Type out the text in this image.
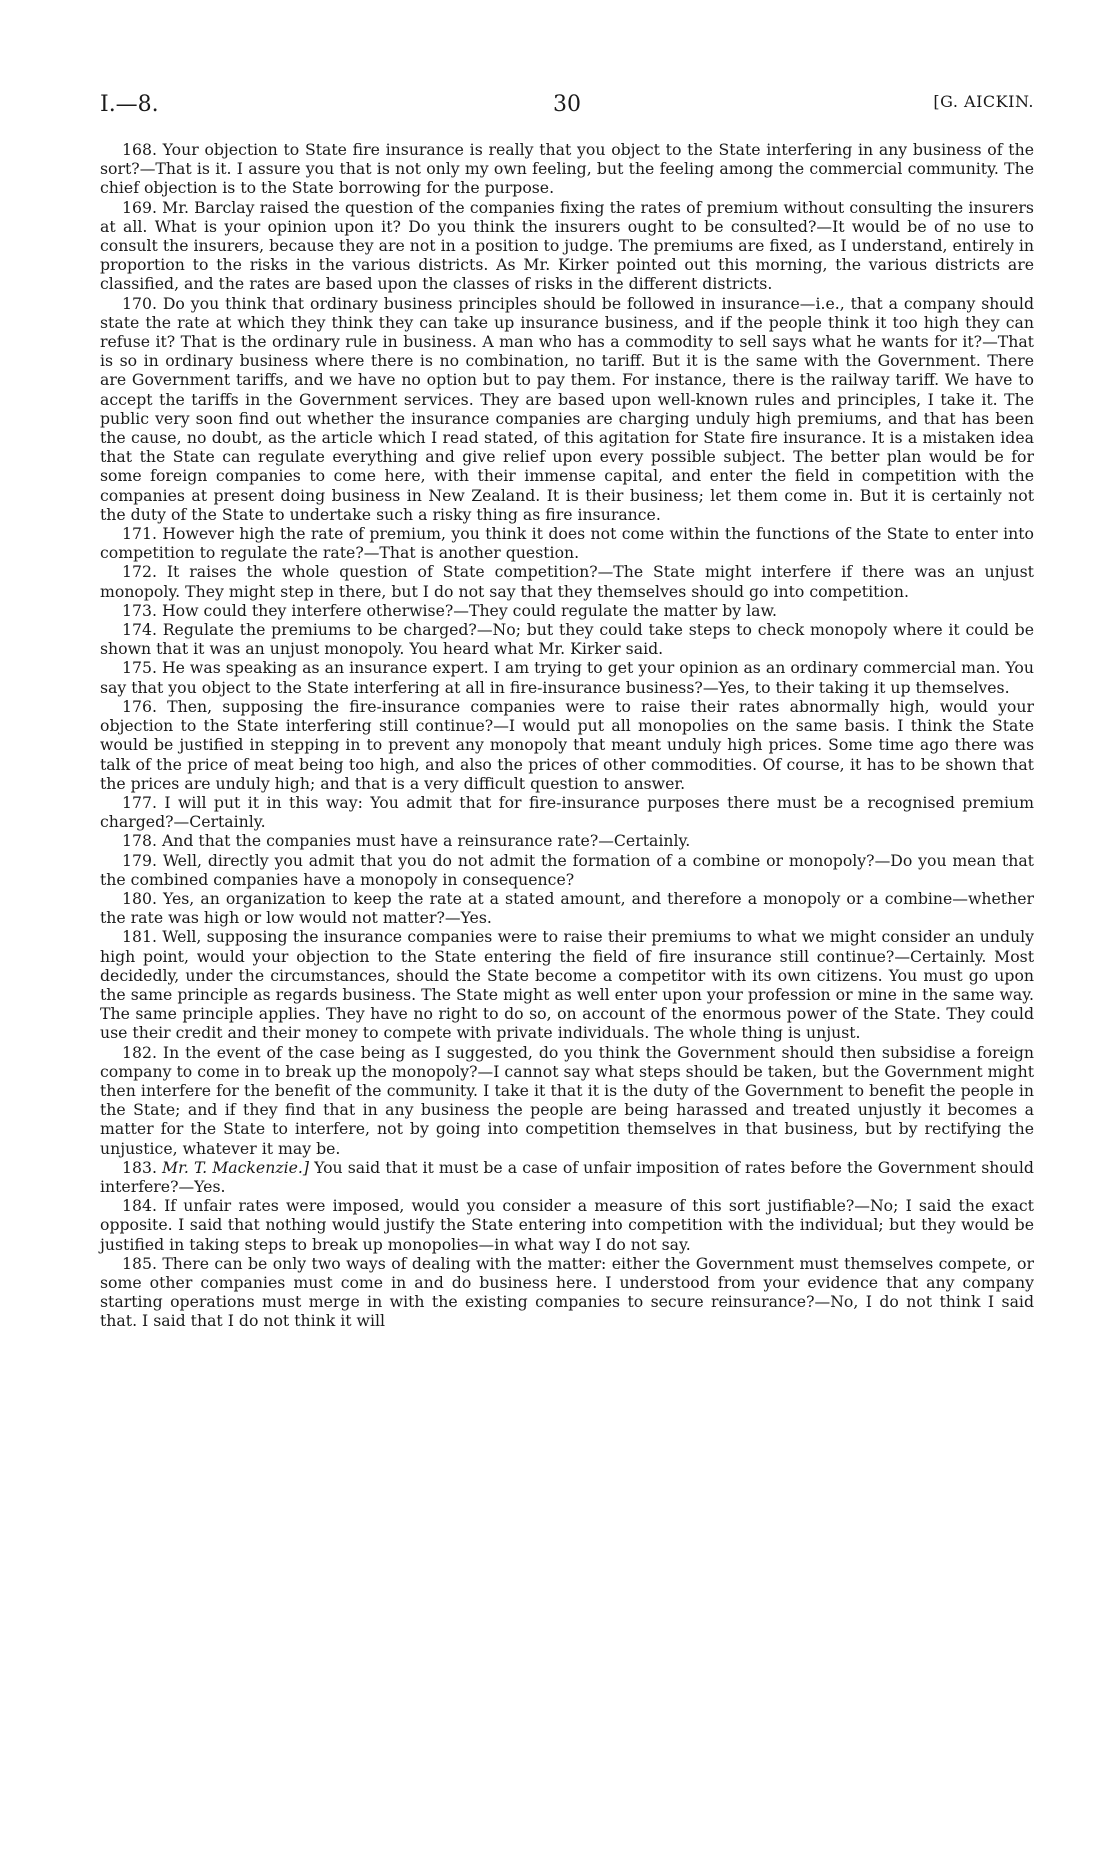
I.—8.	30	[G. AICKIN.

168. Your objection to State fire insurance is really that you object to the State interfering in any business of the sort?—That is it. I assure you that is not only my own feeling, but the feeling among the commercial community. The chief objection is to the State borrowing for the purpose.

169. Mr. Barclay raised the question of the companies fixing the rates of premium without consulting the insurers at all. What is your opinion upon it? Do you think the insurers ought to be consulted?—It would be of no use to consult the insurers, because they are not in a position to judge. The premiums are fixed, as I understand, entirely in proportion to the risks in the various districts. As Mr. Kirker pointed out this morning, the various districts are classified, and the rates are based upon the classes of risks in the different districts.

170. Do you think that ordinary business principles should be followed in insurance—i.e., that a company should state the rate at which they think they can take up insurance business, and if the people think it too high they can refuse it? That is the ordinary rule in business. A man who has a commodity to sell says what he wants for it?—That is so in ordinary business where there is no combination, no tariff. But it is the same with the Government. There are Government tariffs, and we have no option but to pay them. For instance, there is the railway tariff. We have to accept the tariffs in the Government services. They are based upon well-known rules and principles, I take it. The public very soon find out whether the insurance companies are charging unduly high premiums, and that has been the cause, no doubt, as the article which I read stated, of this agitation for State fire insurance. It is a mistaken idea that the State can regulate everything and give relief upon every possible subject. The better plan would be for some foreign companies to come here, with their immense capital, and enter the field in competition with the companies at present doing business in New Zealand. It is their business; let them come in. But it is certainly not the duty of the State to undertake such a risky thing as fire insurance.

171. However high the rate of premium, you think it does not come within the functions of the State to enter into competition to regulate the rate?—That is another question.

172. It raises the whole question of State competition?—The State might interfere if there was an unjust monopoly. They might step in there, but I do not say that they themselves should go into competition.

173. How could they interfere otherwise?—They could regulate the matter by law.

174. Regulate the premiums to be charged?—No; but they could take steps to check monopoly where it could be shown that it was an unjust monopoly. You heard what Mr. Kirker said.

175. He was speaking as an insurance expert. I am trying to get your opinion as an ordinary commercial man. You say that you object to the State interfering at all in fire-insurance business?—Yes, to their taking it up themselves.

176. Then, supposing the fire-insurance companies were to raise their rates abnormally high, would your objection to the State interfering still continue?—I would put all monopolies on the same basis. I think the State would be justified in stepping in to prevent any monopoly that meant unduly high prices. Some time ago there was talk of the price of meat being too high, and also the prices of other commodities. Of course, it has to be shown that the prices are unduly high; and that is a very difficult question to answer.

177. I will put it in this way: You admit that for fire-insurance purposes there must be a recognised premium charged?—Certainly.

178. And that the companies must have a reinsurance rate?—Certainly.

179. Well, directly you admit that you do not admit the formation of a combine or monopoly?—Do you mean that the combined companies have a monopoly in consequence?

180. Yes, an organization to keep the rate at a stated amount, and therefore a monopoly or a combine—whether the rate was high or low would not matter?—Yes.

181. Well, supposing the insurance companies were to raise their premiums to what we might consider an unduly high point, would your objection to the State entering the field of fire insurance still continue?—Certainly. Most decidedly, under the circumstances, should the State become a competitor with its own citizens. You must go upon the same principle as regards business. The State might as well enter upon your profession or mine in the same way. The same principle applies. They have no right to do so, on account of the enormous power of the State. They could use their credit and their money to compete with private individuals. The whole thing is unjust.

182. In the event of the case being as I suggested, do you think the Government should then subsidise a foreign company to come in to break up the monopoly?—I cannot say what steps should be taken, but the Government might then interfere for the benefit of the community. I take it that it is the duty of the Government to benefit the people in the State; and if they find that in any business the people are being harassed and treated unjustly it becomes a matter for the State to interfere, not by going into competition themselves in that business, but by rectifying the unjustice, whatever it may be.

183. Mr. T. Mackenzie.] You said that it must be a case of unfair imposition of rates before the Government should interfere?—Yes.

184. If unfair rates were imposed, would you consider a measure of this sort justifiable?—No; I said the exact opposite. I said that nothing would justify the State entering into competition with the individual; but they would be justified in taking steps to break up monopolies—in what way I do not say.

185. There can be only two ways of dealing with the matter: either the Government must themselves compete, or some other companies must come in and do business here. I understood from your evidence that any company starting operations must merge in with the existing companies to secure reinsurance?—No, I do not think I said that. I said that I do not think it will
